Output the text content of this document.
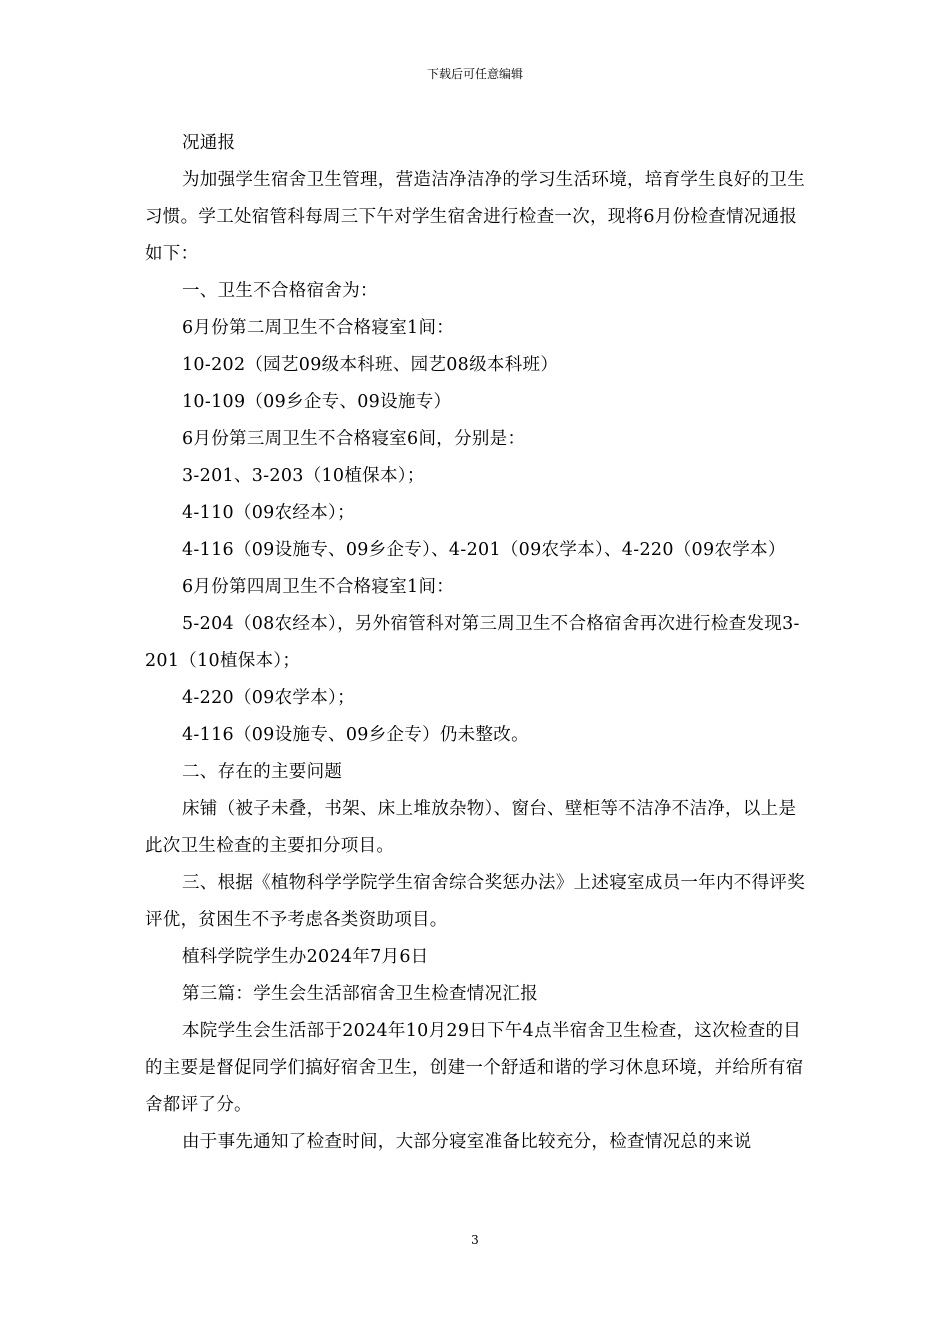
下载后可任意编辑

况通报

为加强学生宿舍卫生管理，营造洁净洁净的学习生活环境，培育学生良好的卫生习惯。学工处宿管科每周三下午对学生宿舍进行检查一次，现将6月份检查情况通报如下：

一、卫生不合格宿舍为：

6月份第二周卫生不合格寝室1间：

10-202（园艺09级本科班、园艺08级本科班）

10-109（09乡企专、09设施专）

6月份第三周卫生不合格寝室6间，分别是：

3-201、3-203（10植保本）；

4-110（09农经本）；

4-116（09设施专、09乡企专）、4-201（09农学本）、4-220（09农学本）

6月份第四周卫生不合格寝室1间：

5-204（08农经本），另外宿管科对第三周卫生不合格宿舍再次进行检查发现3-201（10植保本）；

4-220（09农学本）；

4-116（09设施专、09乡企专）仍未整改。

二、存在的主要问题

床铺（被子未叠，书架、床上堆放杂物）、窗台、壁柜等不洁净不洁净，以上是此次卫生检查的主要扣分项目。

三、根据《植物科学学院学生宿舍综合奖惩办法》上述寝室成员一年内不得评奖评优，贫困生不予考虑各类资助项目。

植科学院学生办2024年7月6日

第三篇：学生会生活部宿舍卫生检查情况汇报

本院学生会生活部于2024年10月29日下午4点半宿舍卫生检查，这次检查的目的主要是督促同学们搞好宿舍卫生，创建一个舒适和谐的学习休息环境，并给所有宿舍都评了分。

由于事先通知了检查时间，大部分寝室准备比较充分，检查情况总的来说

3
